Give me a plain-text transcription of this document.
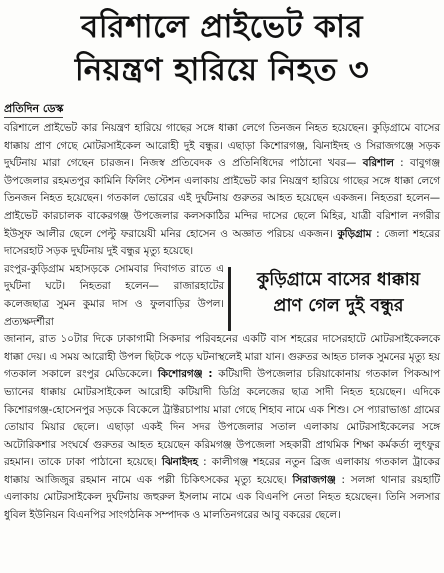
বরিশালে প্রাইভেট কার
নিয়ন্ত্রণ হারিয়ে নিহত ৩
প্রতিদিন ডেস্ক

বরিশালে প্রাইভেট কার নিয়ন্ত্রণ হারিয়ে গাছের সঙ্গে ধাক্কা লেগে তিনজন নিহত হয়েছেন। কুড়িগ্রামে বাসের ধাক্কায় প্রাণ গেছে মোটরসাইকেল আরোহী দুই বন্ধুর। এছাড়া কিশোরগঞ্জ, ঝিনাইদহ ও সিরাজগঞ্জে সড়ক দুর্ঘটনায় মারা গেছেন চারজন। নিজস্ব প্রতিবেদক ও প্রতিনিধিদের পাঠানো খবর— বরিশাল : বাবুগঞ্জ উপজেলার রহমতপুর কামিনি ফিলিং স্টেশন এলাকায় প্রাইভেট কার নিয়ন্ত্রণ হারিয়ে গাছের সঙ্গে ধাক্কা লেগে তিনজন নিহত হয়েছেন। গতকাল ভোরের এই দুর্ঘটনায় গুরুতর আহত হয়েছেন একজন। নিহতরা হলেন— প্রাইভেট কারচালক বাকেরগঞ্জ উপজেলার কলসকাঠির মন্দির দাসের ছেলে মিহির, যাত্রী বরিশাল নগরীর ইউসুফ আলীর ছেলে পেল্টু ফরায়েযী মনির হোসেন ও অজ্ঞাত পরিচয় একজন। কুড়িগ্রাম : জেলা শহরের দাসেরহাট সড়ক দুর্ঘটনায় দুই বন্ধুর মৃত্যু হয়েছে।

রংপুর-কুড়িগ্রাম মহাসড়কে সোমবার দিবাগত রাতে এ দুর্ঘটনা ঘটে। নিহতরা হলেন— রাজারহাটের কলেজছাত্র সুমন কুমার দাস ও ফুলবাড়ির উপল। প্রত্যক্ষদর্শীরা
কুড়িগ্রামে বাসের ধাক্কায়
প্রাণ গেল দুই বন্ধুর

জানান, রাত ১০টার দিকে ঢাকাগামী সিকদার পরিবহনের একটি বাস শহরের দাসেরহাটে মোটরসাইকেলকে ধাক্কা দেয়। এ সময় আরোহী উপল ছিটকে পড়ে ঘটনাস্থলেই মারা যান। গুরুতর আহত চালক সুমনের মৃত্যু হয় গতকাল সকালে রংপুর মেডিকেলে। কিশোরগঞ্জ : কটিয়াদী উপজেলার চরিয়াকোনায় গতকাল পিকআপ ভ্যানের ধাক্কায় মোটরসাইকেল আরোহী কটিয়াদী ডিগ্রি কলেজের ছাত্র সাদী নিহত হয়েছেন। এদিকে কিশোরগঞ্জ-হোসেনপুর সড়কে বিকেলে ট্রাক্টরচাপায় মারা গেছে শিহাব নামে এক শিশু। সে প্যারাভাঙা গ্রামের তোয়াব মিয়ার ছেলে। এছাড়া একই দিন সদর উপজেলার সতাল এলাকায় মোটরসাইকেলের সঙ্গে অটোরিকশার সংঘর্ষে গুরুতর আহত হয়েছেন করিমগঞ্জ উপজেলা সহকারী প্রাথমিক শিক্ষা কর্মকর্তা লুৎফুর রহমান। তাকে ঢাকা পাঠানো হয়েছে। ঝিনাইদহ : কালীগঞ্জ শহরের নতুন ব্রিজ এলাকায় গতকাল ট্রাকের ধাক্কায় আজিজুর রহমান নামে এক পল্লী চিকিৎসকের মৃত্যু হয়েছে। সিরাজগঞ্জ : সলঙ্গা থানার রয়হাটি এলাকায় মোটরসাইকেল দুর্ঘটনায় জহুরুল ইসলাম নামে এক বিএনপি নেতা নিহত হয়েছেন। তিনি সলসার ধুবিল ইউনিয়ন বিএনপির সাংগঠনিক সম্পাদক ও মালতিনগরের আবু বকরের ছেলে।
